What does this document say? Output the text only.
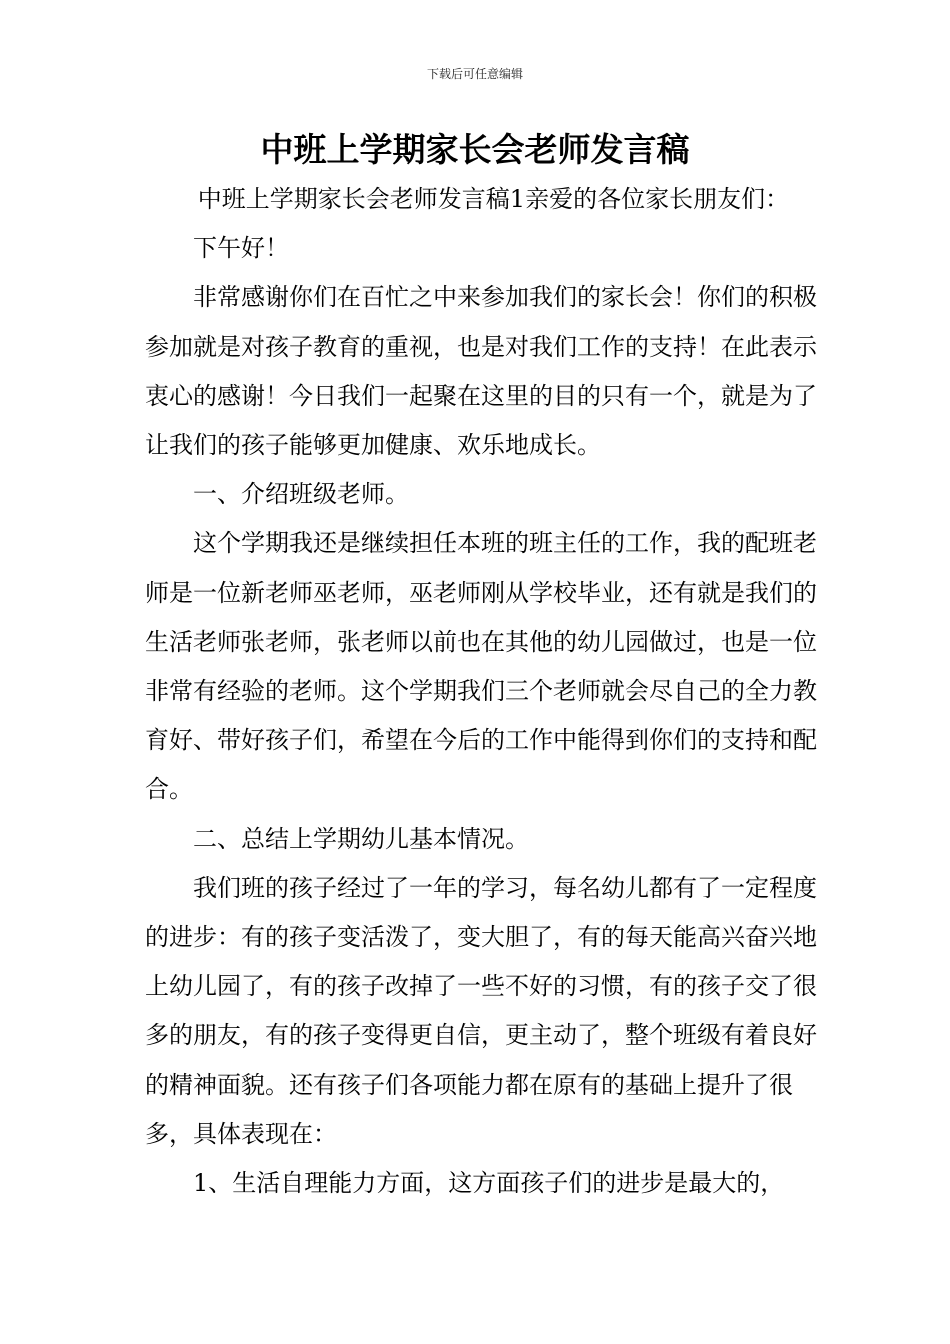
下载后可任意编辑
中班上学期家长会老师发言稿

中班上学期家长会老师发言稿1亲爱的各位家长朋友们：

下午好！

非常感谢你们在百忙之中来参加我们的家长会！你们的积极参加就是对孩子教育的重视，也是对我们工作的支持！在此表示衷心的感谢！今日我们一起聚在这里的目的只有一个，就是为了让我们的孩子能够更加健康、欢乐地成长。

一、介绍班级老师。

这个学期我还是继续担任本班的班主任的工作，我的配班老师是一位新老师巫老师，巫老师刚从学校毕业，还有就是我们的生活老师张老师，张老师以前也在其他的幼儿园做过，也是一位非常有经验的老师。这个学期我们三个老师就会尽自己的全力教育好、带好孩子们，希望在今后的工作中能得到你们的支持和配合。

二、总结上学期幼儿基本情况。

我们班的孩子经过了一年的学习，每名幼儿都有了一定程度的进步：有的孩子变活泼了，变大胆了，有的每天能高兴奋兴地上幼儿园了，有的孩子改掉了一些不好的习惯，有的孩子交了很多的朋友，有的孩子变得更自信，更主动了，整个班级有着良好的精神面貌。还有孩子们各项能力都在原有的基础上提升了很多，具体表现在：

1、生活自理能力方面，这方面孩子们的进步是最大的，
